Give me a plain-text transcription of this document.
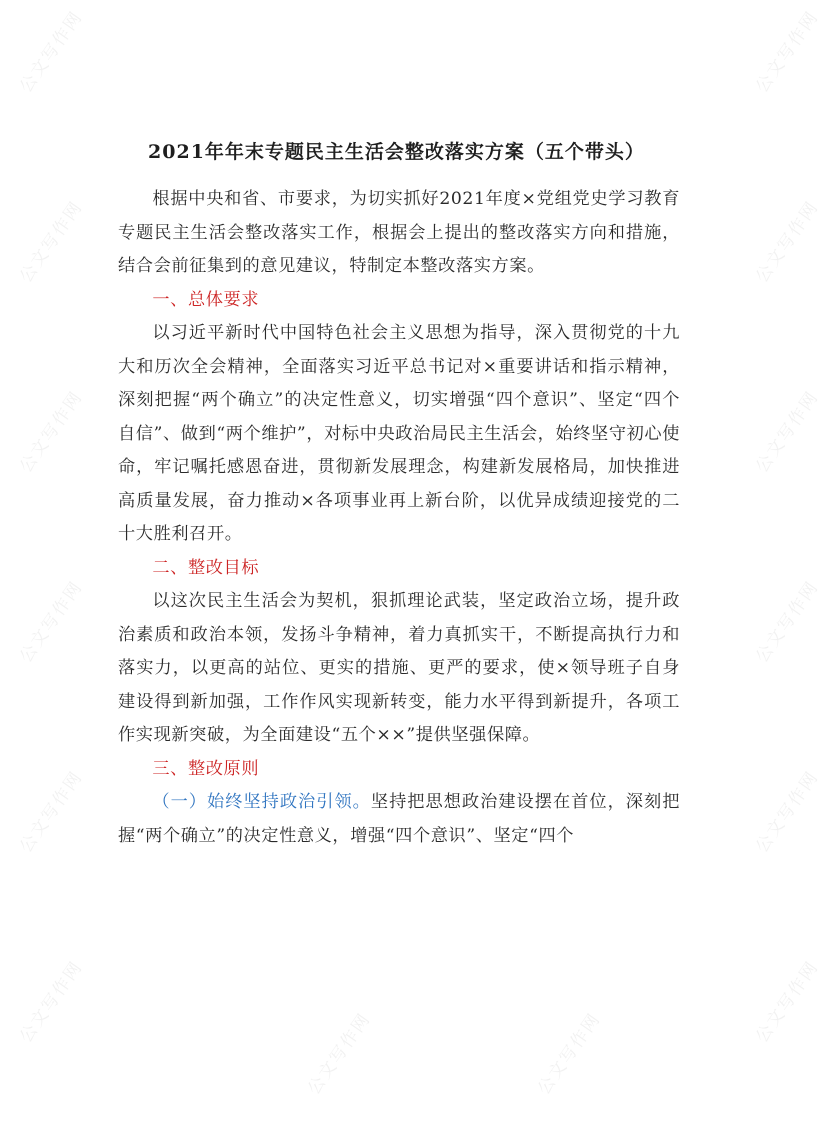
公文写作网	公文写作网
公文写作网	公文写作网
公文写作网	公文写作网
公文写作网	公文写作网
公文写作网	公文写作网
公文写作网	公文写作网
公文写作网	公文写作网
2021年年末专题民主生活会整改落实方案（五个带头）

根据中央和省、市要求，为切实抓好2021年度×党组党史学习教育专题民主生活会整改落实工作，根据会上提出的整改落实方向和措施，结合会前征集到的意见建议，特制定本整改落实方案。

一、总体要求

以习近平新时代中国特色社会主义思想为指导，深入贯彻党的十九大和历次全会精神，全面落实习近平总书记对×重要讲话和指示精神，深刻把握“两个确立”的决定性意义，切实增强“四个意识”、坚定“四个自信”、做到“两个维护”，对标中央政治局民主生活会，始终坚守初心使命，牢记嘱托感恩奋进，贯彻新发展理念，构建新发展格局，加快推进高质量发展，奋力推动×各项事业再上新台阶，以优异成绩迎接党的二十大胜利召开。

二、整改目标

以这次民主生活会为契机，狠抓理论武装，坚定政治立场，提升政治素质和政治本领，发扬斗争精神，着力真抓实干，不断提高执行力和落实力，以更高的站位、更实的措施、更严的要求，使×领导班子自身建设得到新加强，工作作风实现新转变，能力水平得到新提升，各项工作实现新突破，为全面建设“五个××”提供坚强保障。

三、整改原则

（一）始终坚持政治引领。坚持把思想政治建设摆在首位，深刻把握“两个确立”的决定性意义，增强“四个意识”、坚定“四个
